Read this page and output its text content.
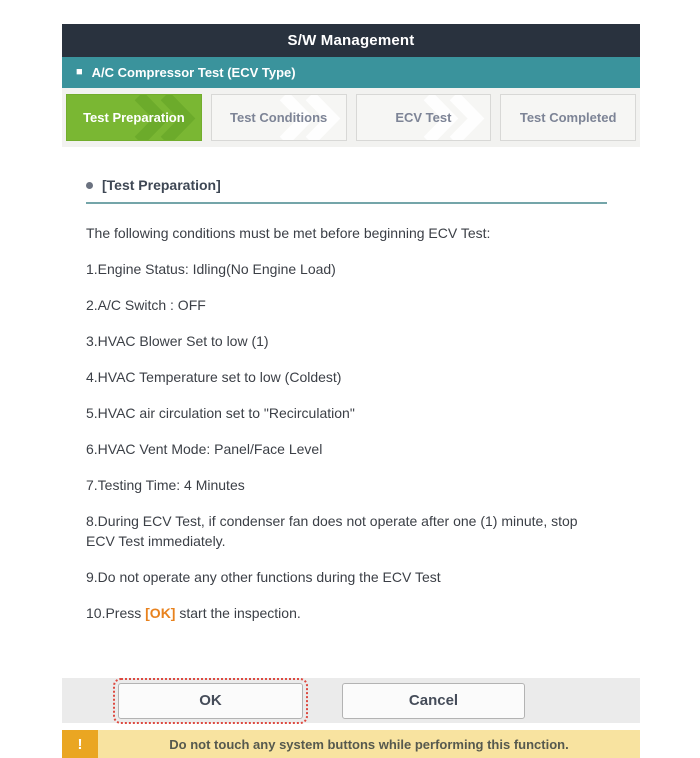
S/W Management
■ A/C Compressor Test (ECV Type)
Test Preparation	Test Conditions	ECV Test	Test Completed
[Test Preparation]

The following conditions must be met before beginning ECV Test:

1.Engine Status: Idling(No Engine Load)

2.A/C Switch : OFF

3.HVAC Blower Set to low (1)

4.HVAC Temperature set to low (Coldest)

5.HVAC air circulation set to "Recirculation"

6.HVAC Vent Mode: Panel/Face Level

7.Testing Time: 4 Minutes

8.During ECV Test, if condenser fan does not operate after one (1) minute, stop ECV Test immediately.

9.Do not operate any other functions during the ECV Test

10.Press [OK] start the inspection.

OK	Cancel
!	Do not touch any system buttons while performing this function.
